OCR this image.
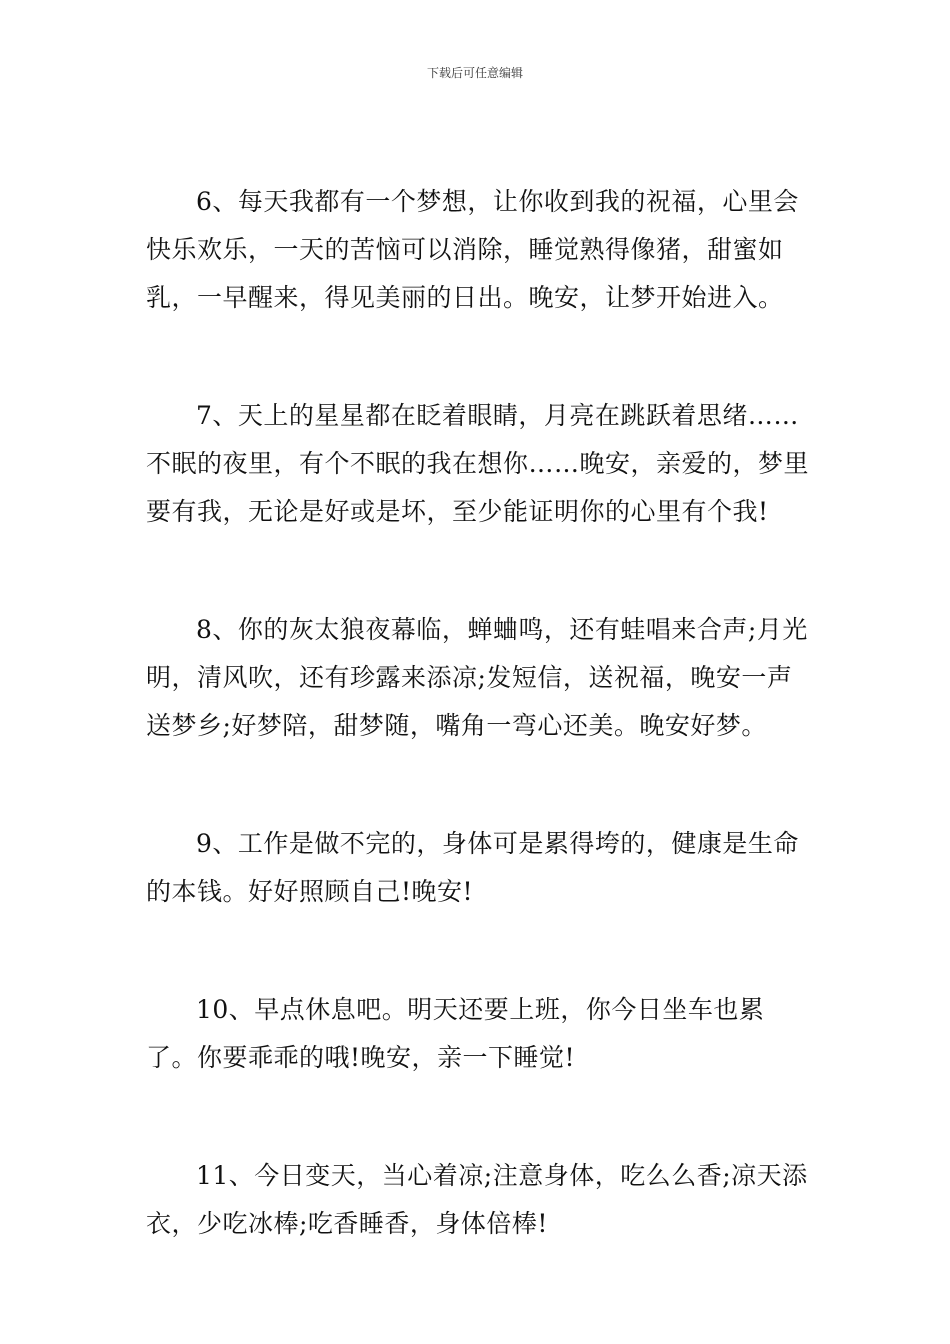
下载后可任意编辑

6、每天我都有一个梦想，让你收到我的祝福，心里会快乐欢乐，一天的苦恼可以消除，睡觉熟得像猪，甜蜜如乳，一早醒来，得见美丽的日出。晚安，让梦开始进入。

7、天上的星星都在眨着眼睛，月亮在跳跃着思绪……不眠的夜里，有个不眠的我在想你……晚安，亲爱的，梦里要有我，无论是好或是坏，至少能证明你的心里有个我!

8、你的灰太狼夜幕临，蝉蛐鸣，还有蛙唱来合声;月光明，清风吹，还有珍露来添凉;发短信，送祝福，晚安一声送梦乡;好梦陪，甜梦随，嘴角一弯心还美。晚安好梦。

9、工作是做不完的，身体可是累得垮的，健康是生命的本钱。好好照顾自己!晚安!

10、早点休息吧。明天还要上班，你今日坐车也累了。你要乖乖的哦!晚安，亲一下睡觉!

11、今日变天，当心着凉;注意身体，吃么么香;凉天添衣，少吃冰棒;吃香睡香，身体倍棒!
